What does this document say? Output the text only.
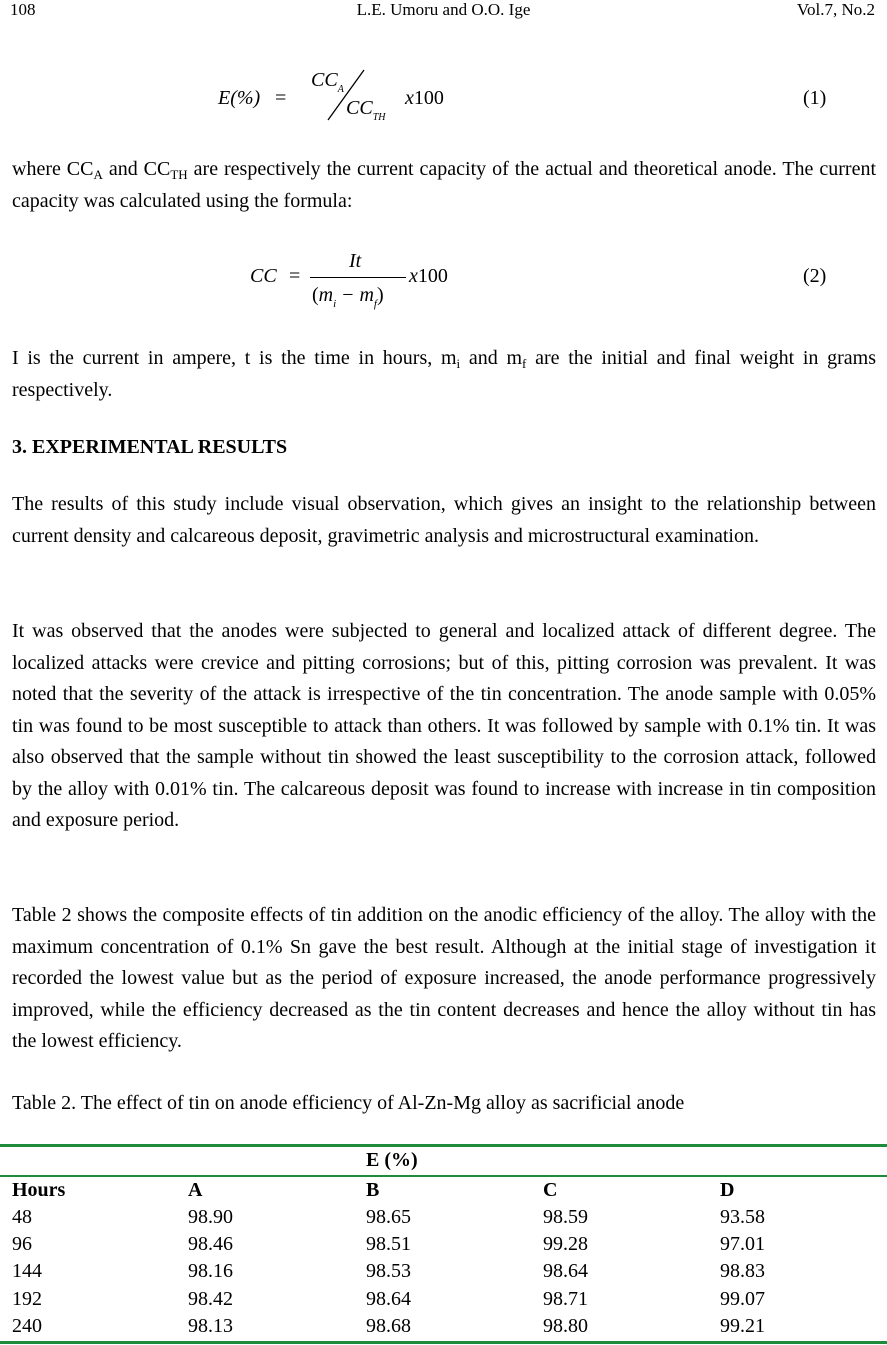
108	L.E. Umoru and O.O. Ige	Vol.7, No.2
E(%) =
$CC_A$
$CC_{TH}$
x100	(1)
where $CC_A$ and $CC_{TH}$ are respectively the current capacity of the actual and theoretical anode. The current capacity was calculated using the formula:
CC =
It
$(m_i - m_f)$
x100	(2)
I is the current in ampere, t is the time in hours, $m_i$ and $m_f$ are the initial and final weight in grams respectively.
3. EXPERIMENTAL RESULTS
The results of this study include visual observation, which gives an insight to the relationship between current density and calcareous deposit, gravimetric analysis and microstructural examination.
It was observed that the anodes were subjected to general and localized attack of different degree. The localized attacks were crevice and pitting corrosions; but of this, pitting corrosion was prevalent. It was noted that the severity of the attack is irrespective of the tin concentration. The anode sample with 0.05% tin was found to be most susceptible to attack than others. It was followed by sample with 0.1% tin. It was also observed that the sample without tin showed the least susceptibility to the corrosion attack, followed by the alloy with 0.01% tin. The calcareous deposit was found to increase with increase in tin composition and exposure period.
Table 2 shows the composite effects of tin addition on the anodic efficiency of the alloy. The alloy with the maximum concentration of 0.1% Sn gave the best result. Although at the initial stage of investigation it recorded the lowest value but as the period of exposure increased, the anode performance progressively improved, while the efficiency decreased as the tin content decreases and hence the alloy without tin has the lowest efficiency.
Table 2. The effect of tin on anode efficiency of Al-Zn-Mg alloy as sacrificial anode
E (%)
Hours	A	B	C	D
48	98.90	98.65	98.59	93.58
96	98.46	98.51	99.28	97.01
144	98.16	98.53	98.64	98.83
192	98.42	98.64	98.71	99.07
240	98.13	98.68	98.80	99.21
